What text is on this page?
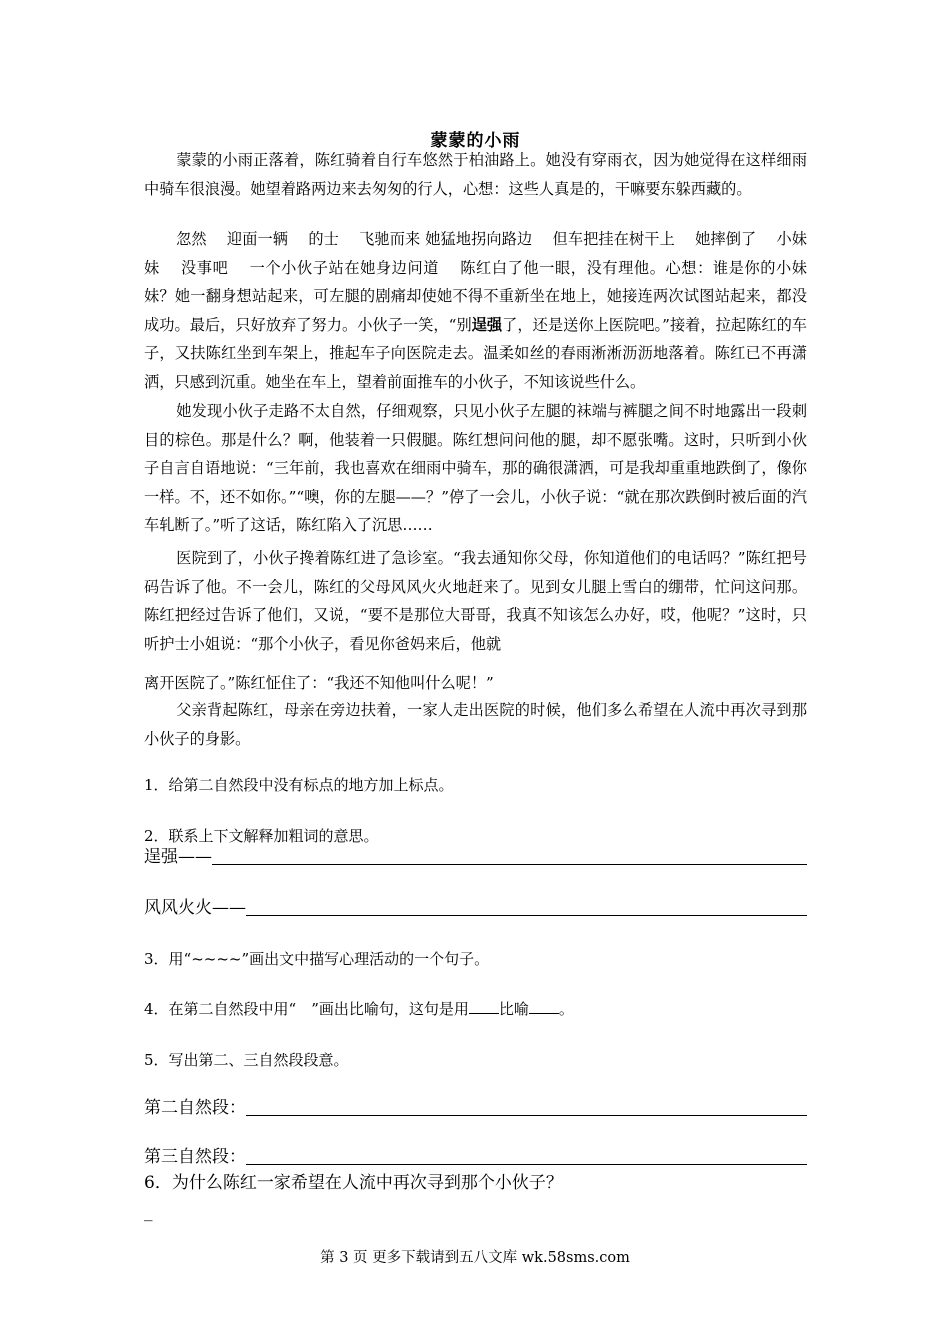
蒙蒙的小雨
蒙蒙的小雨正落着，陈红骑着自行车悠然于柏油路上。她没有穿雨衣，因为她觉得在这样细雨中骑车很浪漫。她望着路两边来去匆匆的行人，心想：这些人真是的，干嘛要东躲西藏的。
忽然　 迎面一辆　 的士　 飞驰而来 她猛地拐向路边　 但车把挂在树干上　 她摔倒了　 小妹妹　 没事吧　 一个小伙子站在她身边问道　 陈红白了他一眼，没有理他。心想：谁是你的小妹妹？她一翻身想站起来，可左腿的剧痛却使她不得不重新坐在地上，她接连两次试图站起来，都没成功。最后，只好放弃了努力。小伙子一笑，“别逞强了，还是送你上医院吧。”接着，拉起陈红的车子，又扶陈红坐到车架上，推起车子向医院走去。温柔如丝的春雨淅淅沥沥地落着。陈红已不再潇洒，只感到沉重。她坐在车上，望着前面推车的小伙子，不知该说些什么。
她发现小伙子走路不太自然，仔细观察，只见小伙子左腿的袜端与裤腿之间不时地露出一段刺目的棕色。那是什么？啊，他装着一只假腿。陈红想问问他的腿，却不愿张嘴。这时，只听到小伙子自言自语地说：“三年前，我也喜欢在细雨中骑车，那的确很潇洒，可是我却重重地跌倒了，像你一样。不，还不如你。”“噢，你的左腿——？”停了一会儿，小伙子说：“就在那次跌倒时被后面的汽车轧断了。”听了这话，陈红陷入了沉思……
医院到了，小伙子搀着陈红进了急诊室。“我去通知你父母，你知道他们的电话吗？”陈红把号码告诉了他。不一会儿，陈红的父母风风火火地赶来了。见到女儿腿上雪白的绷带，忙问这问那。陈红把经过告诉了他们，又说，“要不是那位大哥哥，我真不知该怎么办好，哎，他呢？”这时，只听护士小姐说：“那个小伙子，看见你爸妈来后，他就
离开医院了。”陈红怔住了：“我还不知他叫什么呢！”
父亲背起陈红，母亲在旁边扶着，一家人走出医院的时候，他们多么希望在人流中再次寻到那小伙子的身影。
1．给第二自然段中没有标点的地方加上标点。
2．联系上下文解释加粗词的意思。
逞强——
风风火火——
3．用“~~~~”画出文中描写心理活动的一个句子。
4．在第二自然段中用“　”画出比喻句，这句是用 比喻 。
5．写出第二、三自然段段意。
第二自然段：
第三自然段：
6．为什么陈红一家希望在人流中再次寻到那个小伙子？
_
第 3 页 更多下载请到五八文库 wk.58sms.com
